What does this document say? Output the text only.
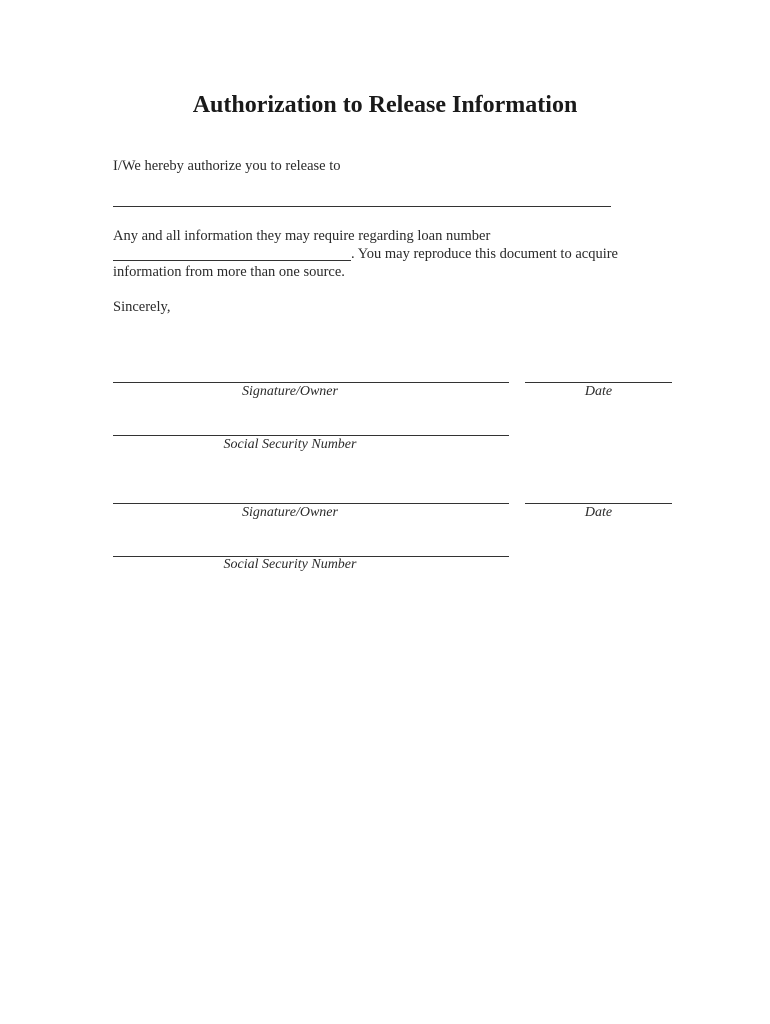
Authorization to Release Information
I/We hereby authorize you to release to
Any and all information they may require regarding loan number
. You may reproduce this document to acquire
information from more than one source.
Sincerely,
Signature/Owner	Date
Social Security Number
Signature/Owner	Date
Social Security Number
